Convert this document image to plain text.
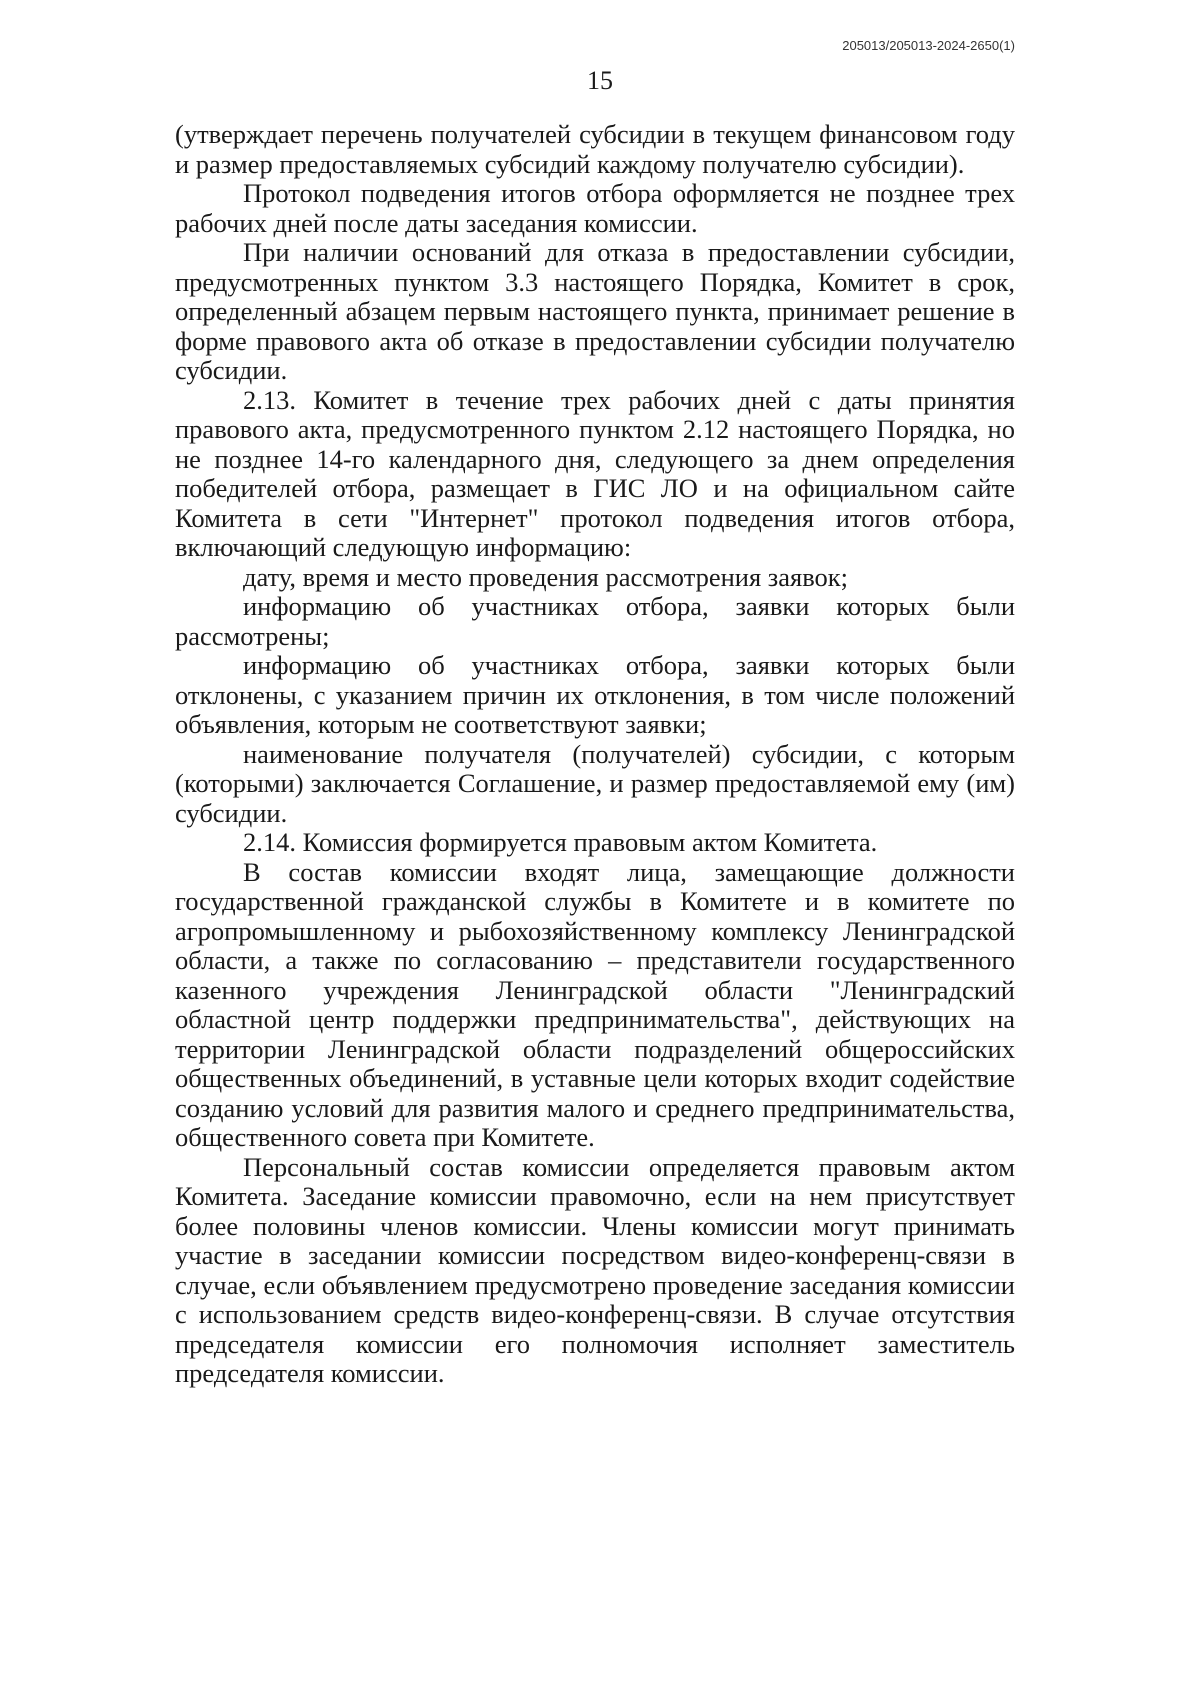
205013/205013-2024-2650(1)
15

(утверждает перечень получателей субсидии в текущем финансовом году и размер предоставляемых субсидий каждому получателю субсидии).

Протокол подведения итогов отбора оформляется не позднее трех рабочих дней после даты заседания комиссии.

При наличии оснований для отказа в предоставлении субсидии, предусмотренных пунктом 3.3 настоящего Порядка, Комитет в срок, определенный абзацем первым настоящего пункта, принимает решение в форме правового акта об отказе в предоставлении субсидии получателю субсидии.

2.13. Комитет в течение трех рабочих дней с даты принятия правового акта, предусмотренного пунктом 2.12 настоящего Порядка, но не позднее 14-го календарного дня, следующего за днем определения победителей отбора, размещает в ГИС ЛО и на официальном сайте Комитета в сети "Интернет" протокол подведения итогов отбора, включающий следующую информацию:

дату, время и место проведения рассмотрения заявок;

информацию об участниках отбора, заявки которых были рассмотрены;

информацию об участниках отбора, заявки которых были отклонены, с указанием причин их отклонения, в том числе положений объявления, которым не соответствуют заявки;

наименование получателя (получателей) субсидии, с которым (которыми) заключается Соглашение, и размер предоставляемой ему (им) субсидии.

2.14. Комиссия формируется правовым актом Комитета.

В состав комиссии входят лица, замещающие должности государственной гражданской службы в Комитете и в комитете по агропромышленному и рыбохозяйственному комплексу Ленинградской области, а также по согласованию – представители государственного казенного учреждения Ленинградской области "Ленинградский областной центр поддержки предпринимательства", действующих на территории Ленинградской области подразделений общероссийских общественных объединений, в уставные цели которых входит содействие созданию условий для развития малого и среднего предпринимательства, общественного совета при Комитете.

Персональный состав комиссии определяется правовым актом Комитета. Заседание комиссии правомочно, если на нем присутствует более половины членов комиссии. Члены комиссии могут принимать участие в заседании комиссии посредством видео-конференц-связи в случае, если объявлением предусмотрено проведение заседания комиссии с использованием средств видео-конференц-связи. В случае отсутствия председателя комиссии его полномочия исполняет заместитель председателя комиссии.
